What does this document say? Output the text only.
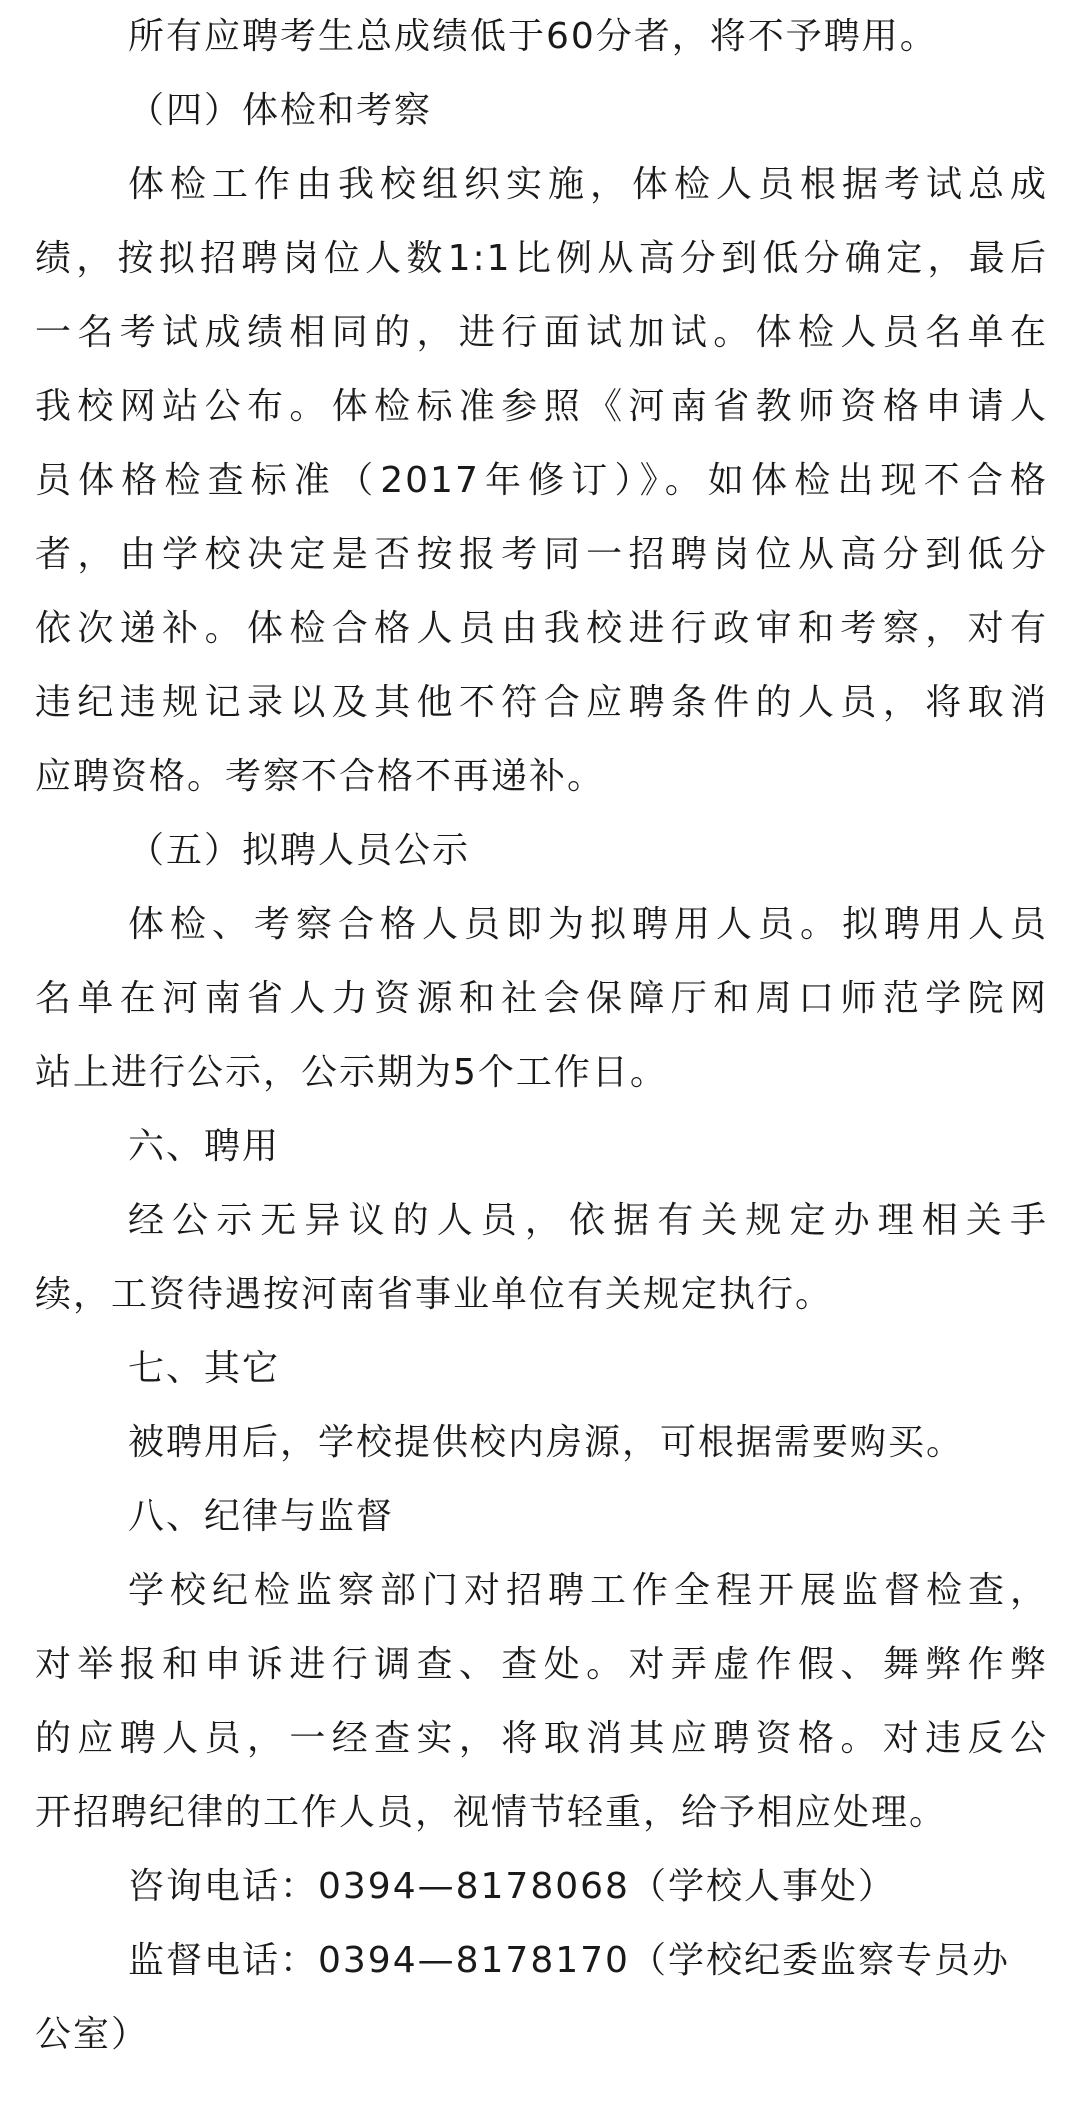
所有应聘考生总成绩低于60分者，将不予聘用。
（四）体检和考察
体检工作由我校组织实施，体检人员根据考试总成
绩，按拟招聘岗位人数1:1比例从高分到低分确定，最后
一名考试成绩相同的，进行面试加试。体检人员名单在
我校网站公布。体检标准参照《河南省教师资格申请人
员体格检查标准（2017年修订）》。如体检出现不合格
者，由学校决定是否按报考同一招聘岗位从高分到低分
依次递补。体检合格人员由我校进行政审和考察，对有
违纪违规记录以及其他不符合应聘条件的人员，将取消
应聘资格。考察不合格不再递补。
（五）拟聘人员公示
体检、考察合格人员即为拟聘用人员。拟聘用人员
名单在河南省人力资源和社会保障厅和周口师范学院网
站上进行公示，公示期为5个工作日。
六、聘用
经公示无异议的人员，依据有关规定办理相关手
续，工资待遇按河南省事业单位有关规定执行。
七、其它
被聘用后，学校提供校内房源，可根据需要购买。
八、纪律与监督
学校纪检监察部门对招聘工作全程开展监督检查，
对举报和申诉进行调查、查处。对弄虚作假、舞弊作弊
的应聘人员，一经查实，将取消其应聘资格。对违反公
开招聘纪律的工作人员，视情节轻重，给予相应处理。
咨询电话：0394—8178068（学校人事处）
监督电话：0394—8178170（学校纪委监察专员办
公室）
